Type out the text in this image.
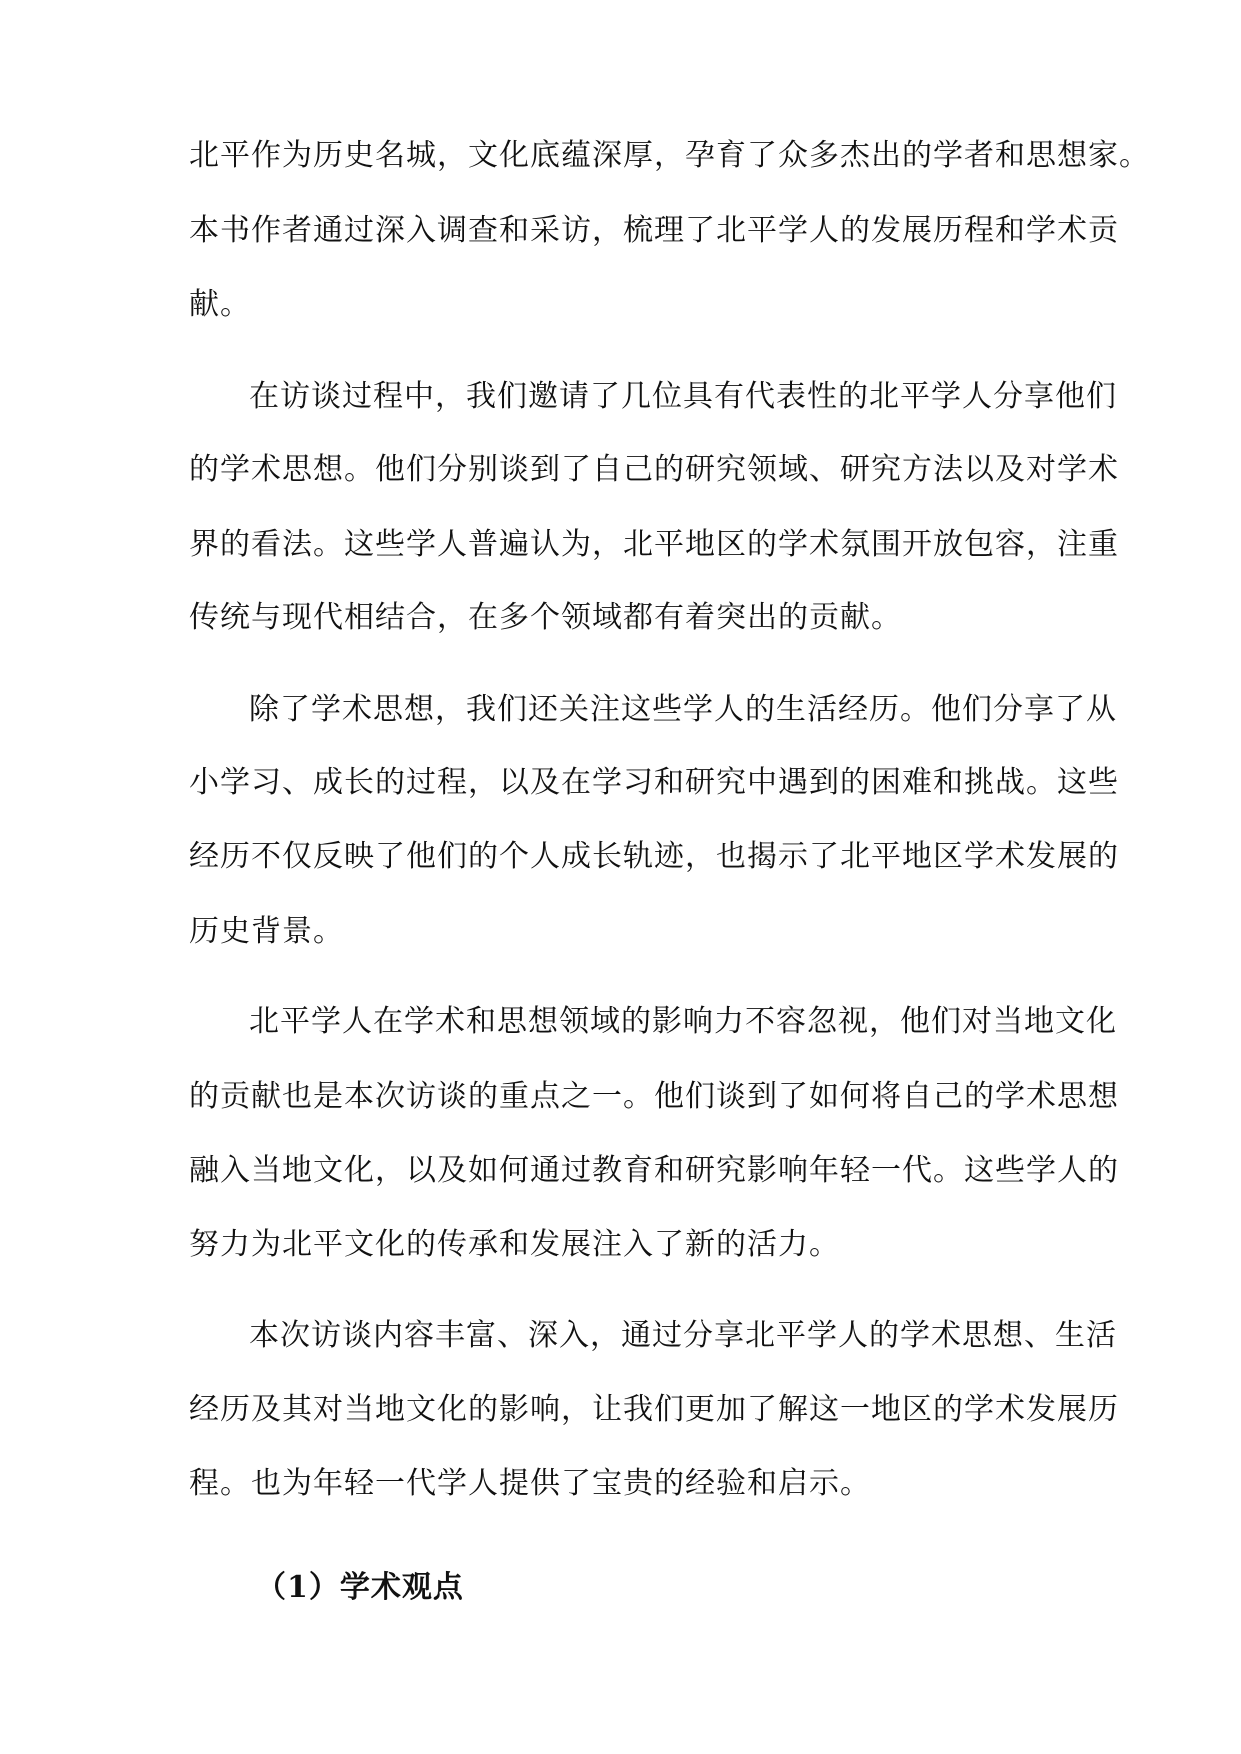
北平作为历史名城，文化底蕴深厚，孕育了众多杰出的学者和思想家。
本书作者通过深入调查和采访，梳理了北平学人的发展历程和学术贡
献。
在访谈过程中，我们邀请了几位具有代表性的北平学人分享他们
的学术思想。他们分别谈到了自己的研究领域、研究方法以及对学术
界的看法。这些学人普遍认为，北平地区的学术氛围开放包容，注重
传统与现代相结合，在多个领域都有着突出的贡献。
除了学术思想，我们还关注这些学人的生活经历。他们分享了从
小学习、成长的过程，以及在学习和研究中遇到的困难和挑战。这些
经历不仅反映了他们的个人成长轨迹，也揭示了北平地区学术发展的
历史背景。
北平学人在学术和思想领域的影响力不容忽视，他们对当地文化
的贡献也是本次访谈的重点之一。他们谈到了如何将自己的学术思想
融入当地文化，以及如何通过教育和研究影响年轻一代。这些学人的
努力为北平文化的传承和发展注入了新的活力。
本次访谈内容丰富、深入，通过分享北平学人的学术思想、生活
经历及其对当地文化的影响，让我们更加了解这一地区的学术发展历
程。也为年轻一代学人提供了宝贵的经验和启示。
（1）学术观点
